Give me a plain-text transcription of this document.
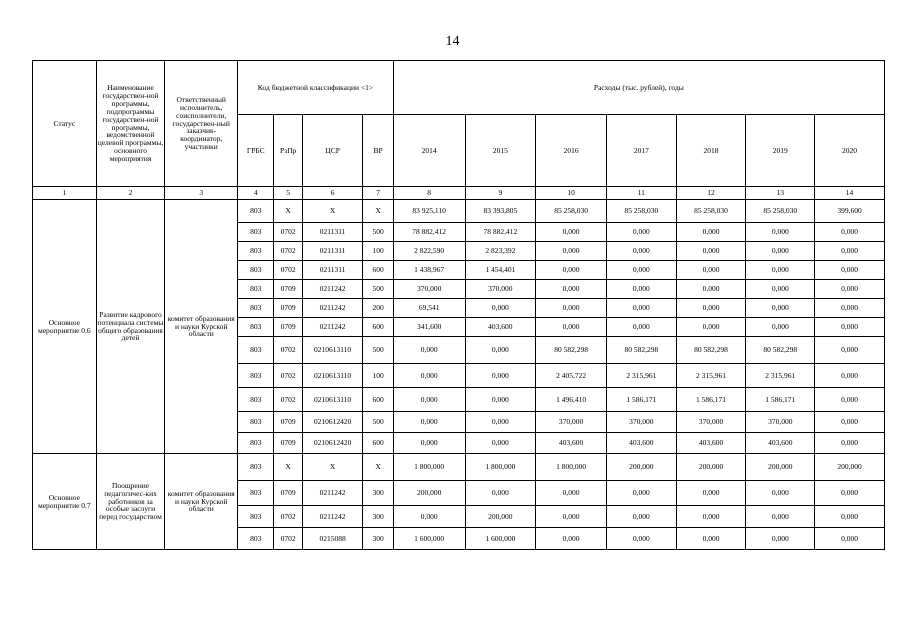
14
Статус	Наименование государствен-ной программы, подпрограммы государствен-ной программы, ведомственной целевой программы, основного мероприятия	Ответственный исполнитель, соисполнители, государствен-ный заказчик-координатор, участники	Код бюджетной классификации <1>				Расходы (тыс. рублей), годы						
			ГРБС	РзПр	ЦСР	ВР	2014	2015	2016	2017	2018	2019	2020
1	2	3	4	5	6	7	8	9	10	11	12	13	14
Основное мероприятие 0.6	Развитие кадрового потенциала системы общего образования детей	комитет образования и науки Курской области	803	Х	Х	Х	83 925,110	83 393,805	85 258,030	85 258,030	85 258,030	85 258,030	399,600
			803	0702	0211311	500	78 882,412	78 882,412	0,000	0,000	0,000	0,000	0,000
			803	0702	0211311	100	2 822,590	2 823,392	0,000	0,000	0,000	0,000	0,000
			803	0702	0211311	600	1 438,967	1 454,401	0,000	0,000	0,000	0,000	0,000
			803	0709	0211242	500	370,000	370,000	0,000	0,000	0,000	0,000	0,000
			803	0709	0211242	200	69,541	0,000	0,000	0,000	0,000	0,000	0,000
			803	0709	0211242	600	341,600	403,600	0,000	0,000	0,000	0,000	0,000
			803	0702	0210613110	500	0,000	0,000	80 582,298	80 582,298	80 582,298	80 582,298	0,000
			803	0702	0210613110	100	0,000	0,000	2 405,722	2 315,961	2 315,961	2 315,961	0,000
			803	0702	0210613110	600	0,000	0,000	1 496,410	1 586,171	1 586,171	1 586,171	0,000
			803	0709	0210612420	500	0,000	0,000	370,000	370,000	370,000	370,000	0,000
			803	0709	0210612420	600	0,000	0,000	403,600	403,600	403,600	403,600	0,000
Основное мероприятие 0.7	Поощрение педагогичес-ких работников за особые заслуги перед государством	комитет образования и науки Курской области	803	Х	Х	Х	1 800,000	1 800,000	1 800,000	200,000	200,000	200,000	200,000
			803	0709	0211242	300	200,000	0,000	0,000	0,000	0,000	0,000	0,000
			803	0702	0211242	300	0,000	200,000	0,000	0,000	0,000	0,000	0,000
			803	0702	0215088	300	1 600,000	1 600,000	0,000	0,000	0,000	0,000	0,000
